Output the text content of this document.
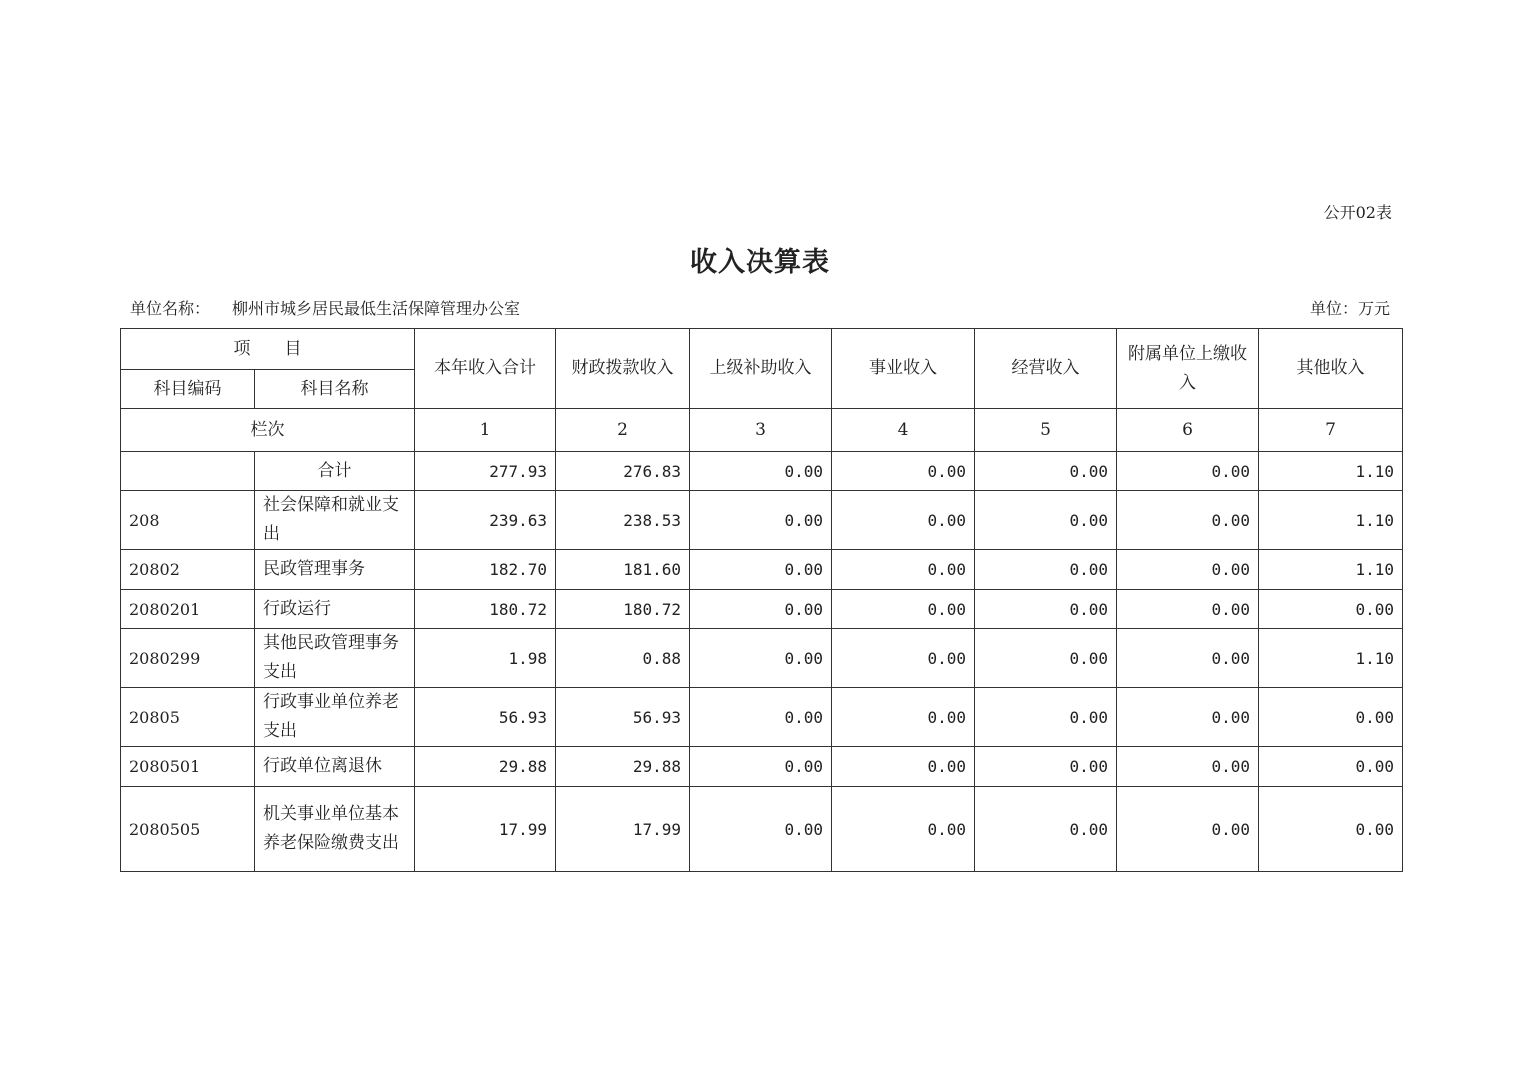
公开02表
收入决算表
单位名称： 柳州市城乡居民最低生活保障管理办公室	单位：万元
项　　目		本年收入合计	财政拨款收入	上级补助收入	事业收入	经营收入	附属单位上缴收入	其他收入
科目编码	科目名称							
栏次		1	2	3	4	5	6	7
	合计	277.93	276.83	0.00	0.00	0.00	0.00	1.10
208	社会保障和就业支出	239.63	238.53	0.00	0.00	0.00	0.00	1.10
20802	民政管理事务	182.70	181.60	0.00	0.00	0.00	0.00	1.10
2080201	行政运行	180.72	180.72	0.00	0.00	0.00	0.00	0.00
2080299	其他民政管理事务支出	1.98	0.88	0.00	0.00	0.00	0.00	1.10
20805	行政事业单位养老支出	56.93	56.93	0.00	0.00	0.00	0.00	0.00
2080501	行政单位离退休	29.88	29.88	0.00	0.00	0.00	0.00	0.00
2080505	机关事业单位基本养老保险缴费支出	17.99	17.99	0.00	0.00	0.00	0.00	0.00
